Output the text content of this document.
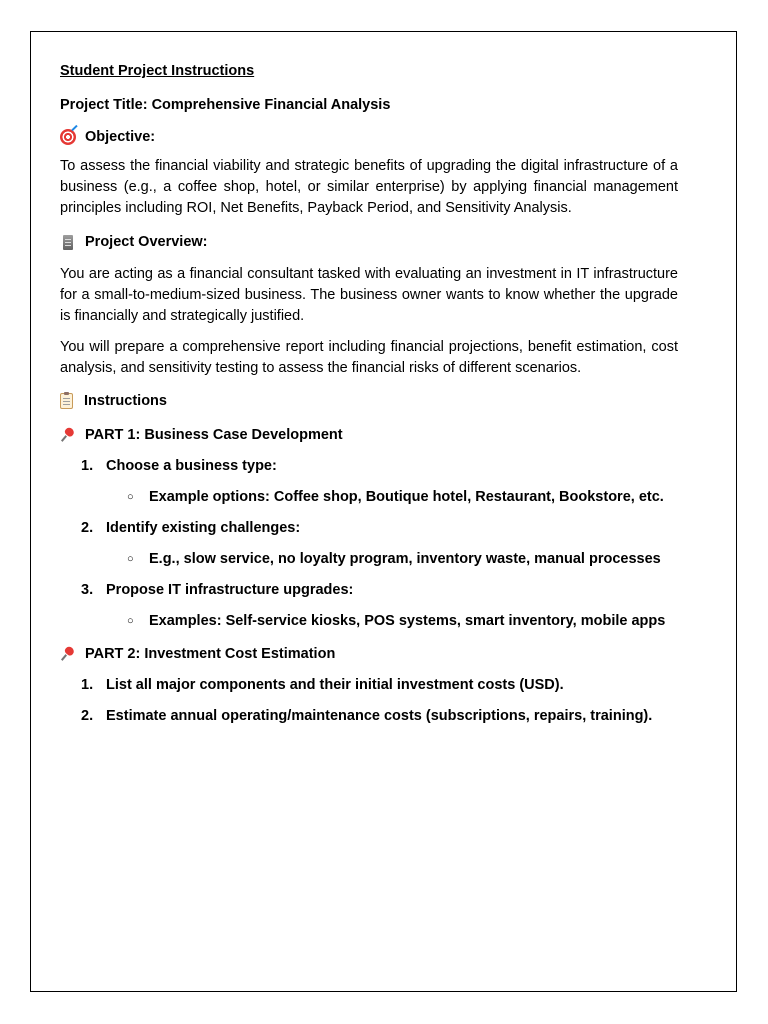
Student Project Instructions

Project Title: Comprehensive Financial Analysis

Objective:

To assess the financial viability and strategic benefits of upgrading the digital infrastructure of a business (e.g., a coffee shop, hotel, or similar enterprise) by applying financial management principles including ROI, Net Benefits, Payback Period, and Sensitivity Analysis.

Project Overview:

You are acting as a financial consultant tasked with evaluating an investment in IT infrastructure for a small-to-medium-sized business. The business owner wants to know whether the upgrade is financially and strategically justified.

You will prepare a comprehensive report including financial projections, benefit estimation, cost analysis, and sensitivity testing to assess the financial risks of different scenarios.

Instructions

PART 1: Business Case Development

1. Choose a business type:

○	Example options: Coffee shop, Boutique hotel, Restaurant, Bookstore, etc.

2. Identify existing challenges:

○	E.g., slow service, no loyalty program, inventory waste, manual processes

3. Propose IT infrastructure upgrades:

○	Examples: Self-service kiosks, POS systems, smart inventory, mobile apps

PART 2: Investment Cost Estimation

1. List all major components and their initial investment costs (USD).

2. Estimate annual operating/maintenance costs (subscriptions, repairs, training).
